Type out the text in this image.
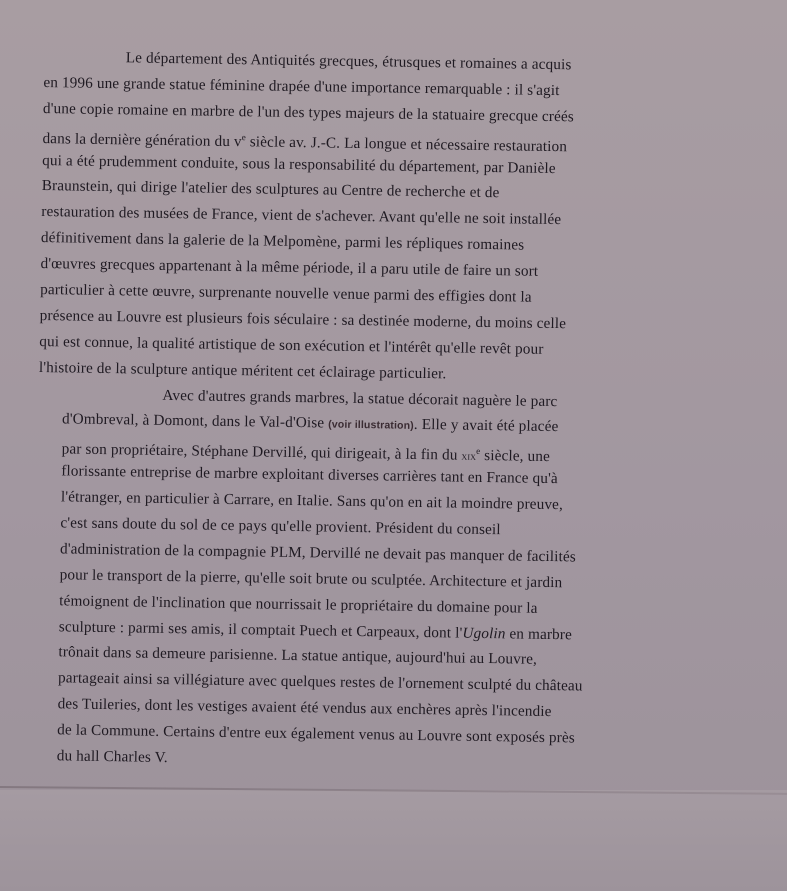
Le département des Antiquités grecques, étrusques et romaines a acquis
en 1996 une grande statue féminine drapée d'une importance remarquable : il s'agit
d'une copie romaine en marbre de l'un des types majeurs de la statuaire grecque créés
dans la dernière génération du $v^e$ siècle av. J.-C. La longue et nécessaire restauration
qui a été prudemment conduite, sous la responsabilité du département, par Danièle
Braunstein, qui dirige l'atelier des sculptures au Centre de recherche et de
restauration des musées de France, vient de s'achever. Avant qu'elle ne soit installée
définitivement dans la galerie de la Melpomène, parmi les répliques romaines
d'œuvres grecques appartenant à la même période, il a paru utile de faire un sort
particulier à cette œuvre, surprenante nouvelle venue parmi des effigies dont la
présence au Louvre est plusieurs fois séculaire : sa destinée moderne, du moins celle
qui est connue, la qualité artistique de son exécution et l'intérêt qu'elle revêt pour
l'histoire de la sculpture antique méritent cet éclairage particulier.
Avec d'autres grands marbres, la statue décorait naguère le parc
d'Ombreval, à Domont, dans le Val-d'Oise (voir illustration). Elle y avait été placée
par son propriétaire, Stéphane Dervillé, qui dirigeait, à la fin du xix$^e$ siècle, une
florissante entreprise de marbre exploitant diverses carrières tant en France qu'à
l'étranger, en particulier à Carrare, en Italie. Sans qu'on en ait la moindre preuve,
c'est sans doute du sol de ce pays qu'elle provient. Président du conseil
d'administration de la compagnie PLM, Dervillé ne devait pas manquer de facilités
pour le transport de la pierre, qu'elle soit brute ou sculptée. Architecture et jardin
témoignent de l'inclination que nourrissait le propriétaire du domaine pour la
sculpture : parmi ses amis, il comptait Puech et Carpeaux, dont l'Ugolin en marbre
trônait dans sa demeure parisienne. La statue antique, aujourd'hui au Louvre,
partageait ainsi sa villégiature avec quelques restes de l'ornement sculpté du château
des Tuileries, dont les vestiges avaient été vendus aux enchères après l'incendie
de la Commune. Certains d'entre eux également venus au Louvre sont exposés près
du hall Charles V.
